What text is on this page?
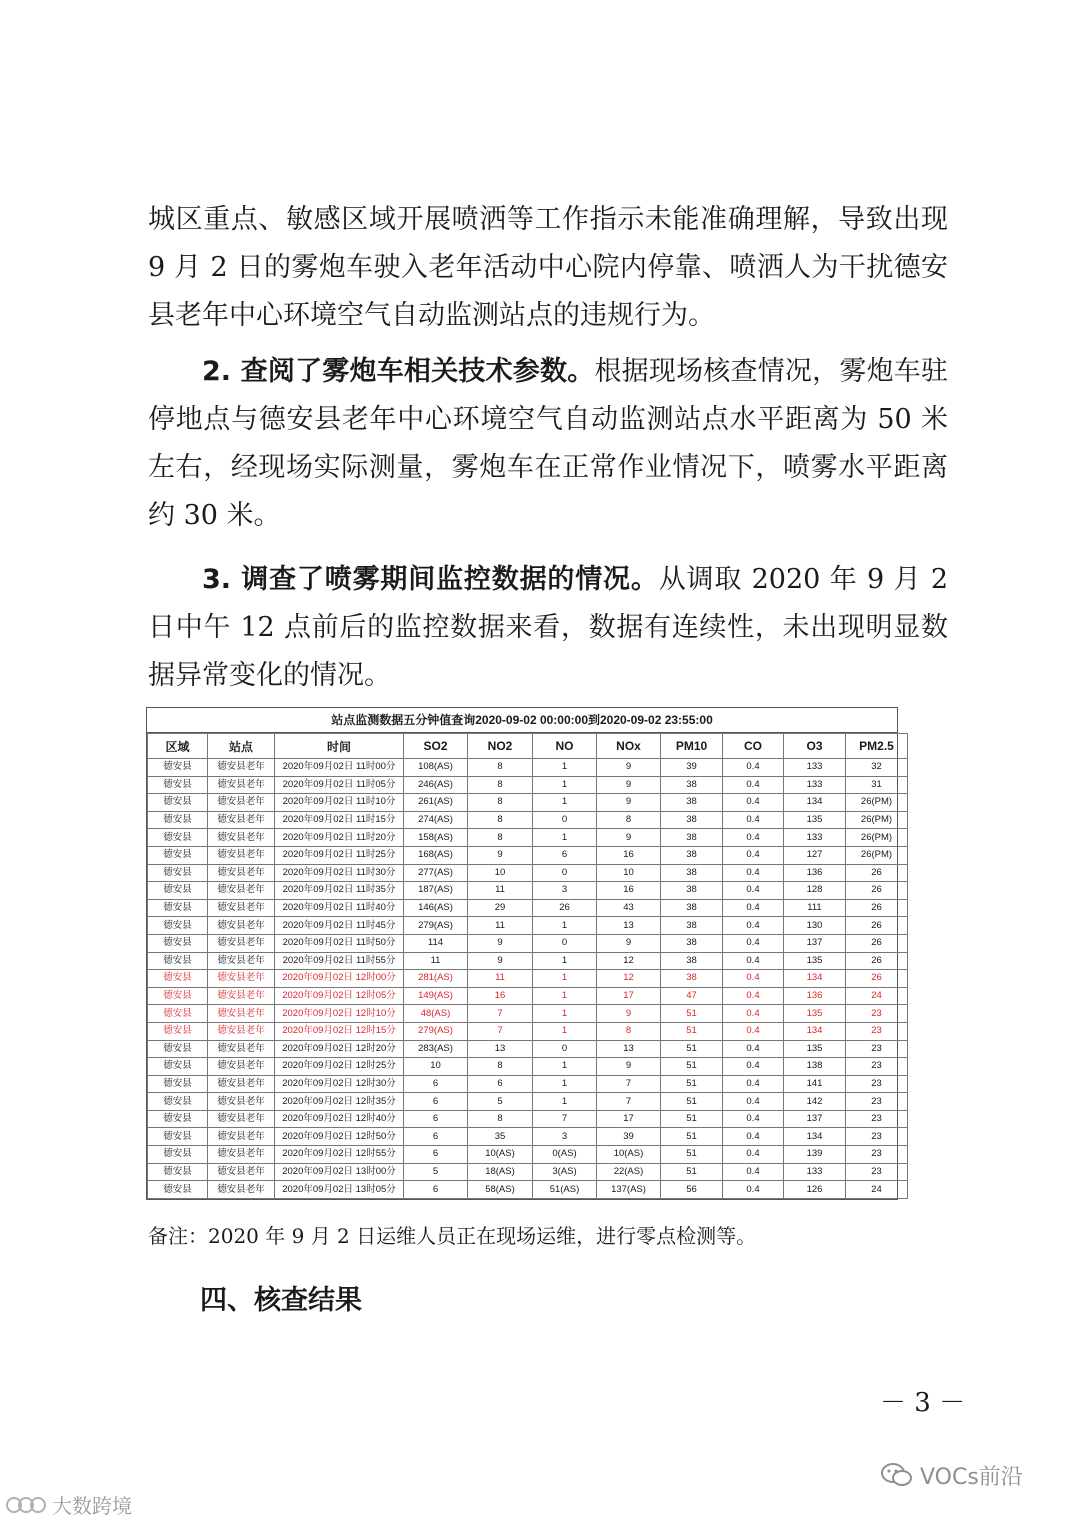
城区重点、敏感区域开展喷洒等工作指示未能准确理解，导致出现 9 月 2 日的雾炮车驶入老年活动中心院内停靠、喷洒人为干扰德安县老年中心环境空气自动监测站点的违规行为。

  2. 查阅了雾炮车相关技术参数。根据现场核查情况，雾炮车驻停地点与德安县老年中心环境空气自动监测站点水平距离为 50 米左右，经现场实际测量，雾炮车在正常作业情况下，喷雾水平距离约 30 米。

  3. 调查了喷雾期间监控数据的情况。从调取 2020 年 9 月 2 日中午 12 点前后的监控数据来看，数据有连续性，未出现明显数据异常变化的情况。

站点监测数据五分钟值查询2020-09-02 00:00:00到2020-09-02 23:55:00
区域	站点	时间	SO2	NO2	NO	NOx	PM10	CO	O3	PM2.5
德安县	德安县老年	2020年09月02日 11时00分	108(AS)	8	1	9	39	0.4	133	32
德安县	德安县老年	2020年09月02日 11时05分	246(AS)	8	1	9	38	0.4	133	31
德安县	德安县老年	2020年09月02日 11时10分	261(AS)	8	1	9	38	0.4	134	26(PM)
德安县	德安县老年	2020年09月02日 11时15分	274(AS)	8	0	8	38	0.4	135	26(PM)
德安县	德安县老年	2020年09月02日 11时20分	158(AS)	8	1	9	38	0.4	133	26(PM)
德安县	德安县老年	2020年09月02日 11时25分	168(AS)	9	6	16	38	0.4	127	26(PM)
德安县	德安县老年	2020年09月02日 11时30分	277(AS)	10	0	10	38	0.4	136	26
德安县	德安县老年	2020年09月02日 11时35分	187(AS)	11	3	16	38	0.4	128	26
德安县	德安县老年	2020年09月02日 11时40分	146(AS)	29	26	43	38	0.4	111	26
德安县	德安县老年	2020年09月02日 11时45分	279(AS)	11	1	13	38	0.4	130	26
德安县	德安县老年	2020年09月02日 11时50分	114	9	0	9	38	0.4	137	26
德安县	德安县老年	2020年09月02日 11时55分	11	9	1	12	38	0.4	135	26
德安县	德安县老年	2020年09月02日 12时00分	281(AS)	11	1	12	38	0.4	134	26
德安县	德安县老年	2020年09月02日 12时05分	149(AS)	16	1	17	47	0.4	136	24
德安县	德安县老年	2020年09月02日 12时10分	48(AS)	7	1	9	51	0.4	135	23
德安县	德安县老年	2020年09月02日 12时15分	279(AS)	7	1	8	51	0.4	134	23
德安县	德安县老年	2020年09月02日 12时20分	283(AS)	13	0	13	51	0.4	135	23
德安县	德安县老年	2020年09月02日 12时25分	10	8	1	9	51	0.4	138	23
德安县	德安县老年	2020年09月02日 12时30分	6	6	1	7	51	0.4	141	23
德安县	德安县老年	2020年09月02日 12时35分	6	5	1	7	51	0.4	142	23
德安县	德安县老年	2020年09月02日 12时40分	6	8	7	17	51	0.4	137	23
德安县	德安县老年	2020年09月02日 12时50分	6	35	3	39	51	0.4	134	23
德安县	德安县老年	2020年09月02日 12时55分	6	10(AS)	0(AS)	10(AS)	51	0.4	139	23
德安县	德安县老年	2020年09月02日 13时00分	5	18(AS)	3(AS)	22(AS)	51	0.4	133	23
德安县	德安县老年	2020年09月02日 13时05分	6	58(AS)	51(AS)	137(AS)	56	0.4	126	24

备注：2020 年 9 月 2 日运维人员正在现场运维，进行零点检测等。

四、核查结果

－ 3 －

大数跨境
VOCs前沿
